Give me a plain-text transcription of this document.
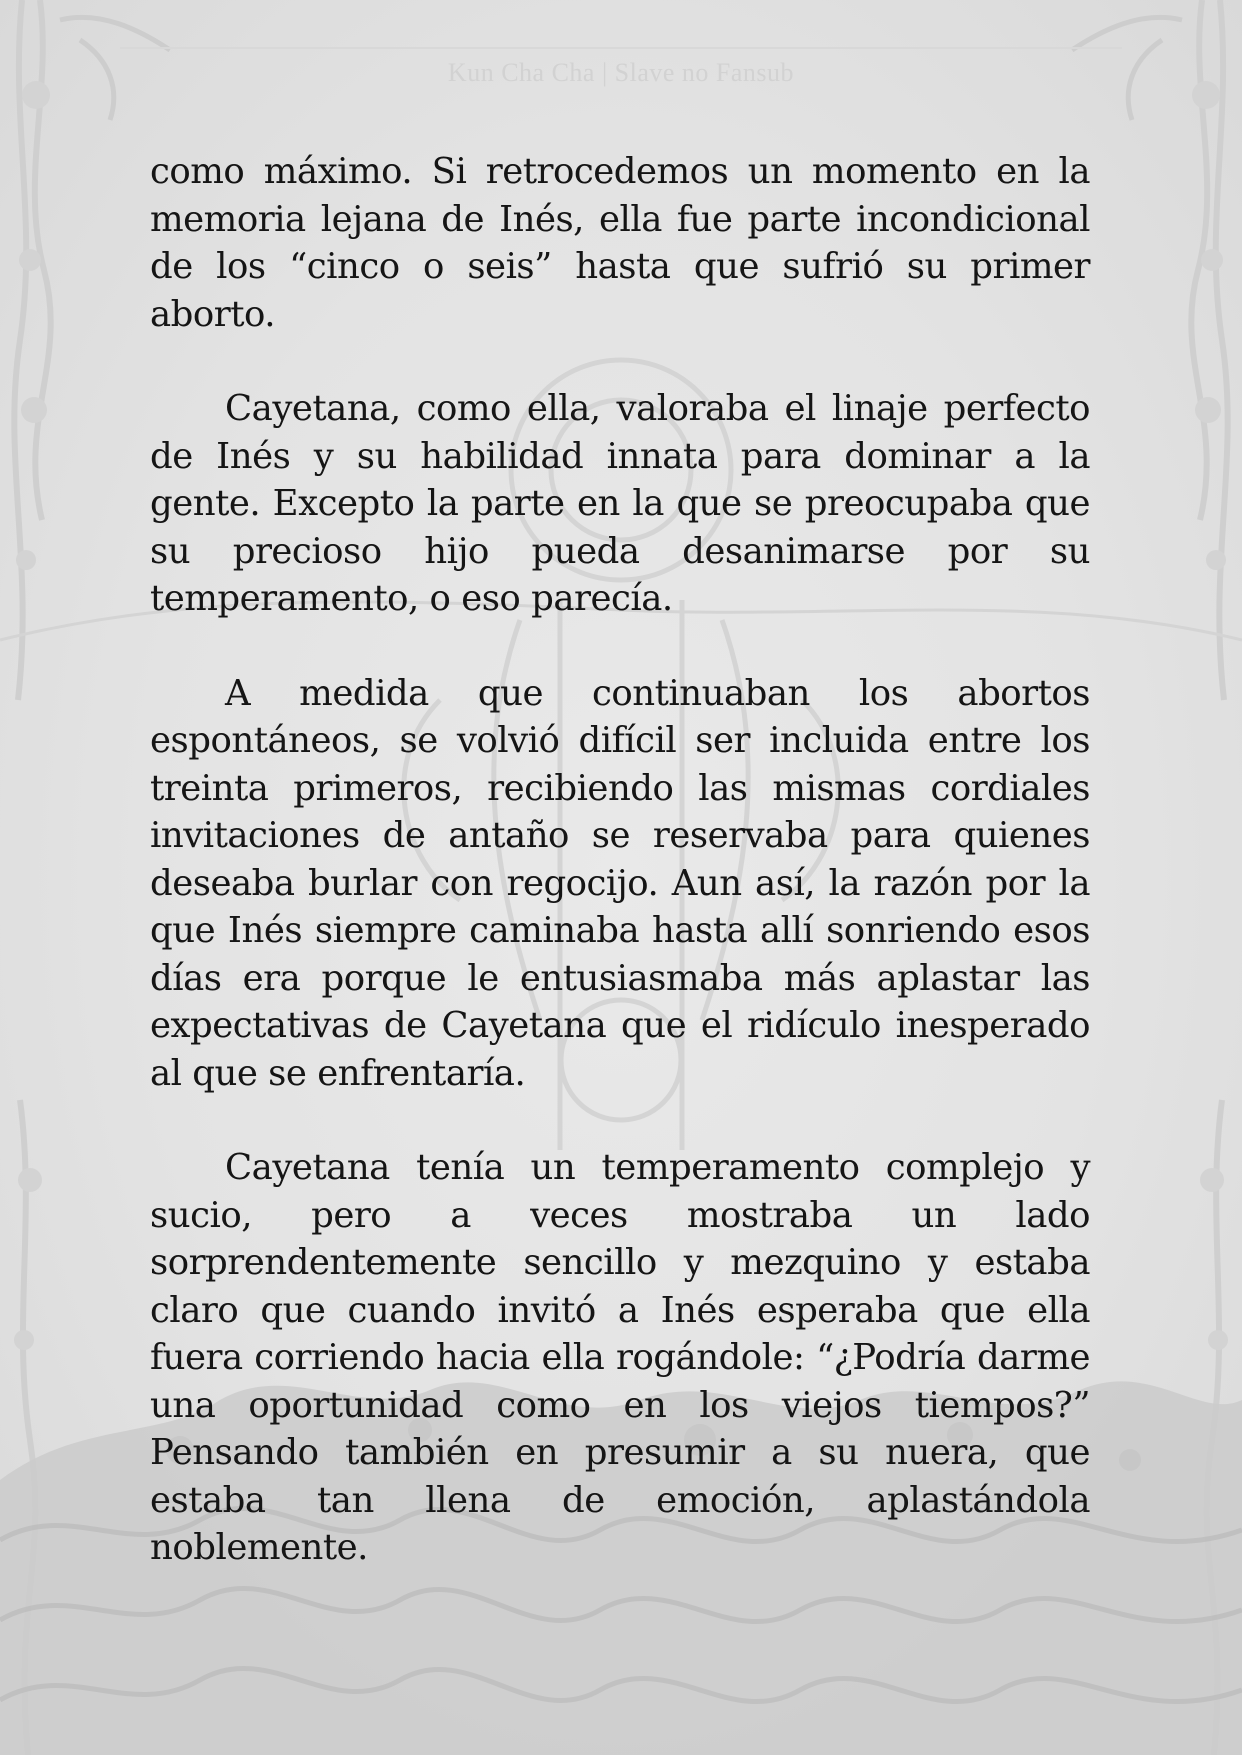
Kun Cha Cha | Slave no Fansub

como máximo. Si retrocedemos un momento en la memoria lejana de Inés, ella fue parte incondicional de los “cinco o seis” hasta que sufrió su primer aborto.

Cayetana, como ella, valoraba el linaje perfecto de Inés y su habilidad innata para dominar a la gente. Excepto la parte en la que se preocupaba que su precioso hijo pueda desanimarse por su temperamento, o eso parecía.

A medida que continuaban los abortos espontáneos, se volvió difícil ser incluida entre los treinta primeros, recibiendo las mismas cordiales invitaciones de antaño se reservaba para quienes deseaba burlar con regocijo. Aun así, la razón por la que Inés siempre caminaba hasta allí sonriendo esos días era porque le entusiasmaba más aplastar las expectativas de Cayetana que el ridículo inesperado al que se enfrentaría.

Cayetana tenía un temperamento complejo y sucio, pero a veces mostraba un lado sorprendentemente sencillo y mezquino y estaba claro que cuando invitó a Inés esperaba que ella fuera corriendo hacia ella rogándole: “¿Podría darme una oportunidad como en los viejos tiempos?” Pensando también en presumir a su nuera, que estaba tan llena de emoción, aplastándola noblemente.
